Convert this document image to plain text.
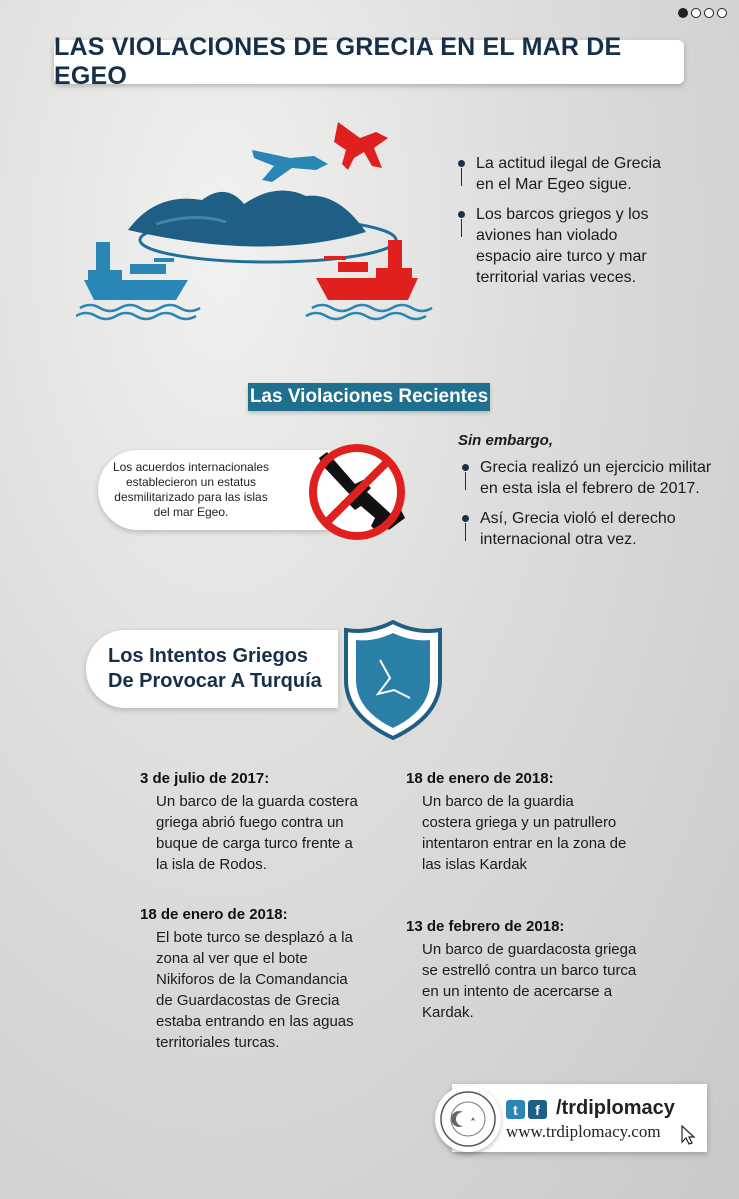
LAS VIOLACIONES DE GRECIA EN EL MAR DE EGEO
La actitud ilegal de Grecia en el Mar Egeo sigue.
Los barcos griegos y los aviones han violado espacio aire turco y mar territorial varias veces.
Las Violaciones Recientes
Los acuerdos internacionales establecieron un estatus desmilitarizado para las islas del mar Egeo.
Sin embargo,
Grecia realizó un ejercicio militar en esta isla el febrero de 2017.
Así, Grecia violó el derecho internacional otra vez.
Los Intentos Griegos
De Provocar A Turquía
3 de julio de 2017:
Un barco de la guarda costera griega abrió fuego contra un buque de carga turco frente a la isla de Rodos.
18 de enero de 2018:
Un barco de la guardia costera griega y un patrullero intentaron entrar en la zona de las islas Kardak
18 de enero de 2018:
El bote turco se desplazó a la zona al ver que el bote Nikiforos de la Comandancia de Guardacostas de Grecia estaba entrando en las aguas territoriales turcas.
13 de febrero de 2018:
Un barco de guardacosta griega se estrelló contra un barco turca en un intento de acercarse a Kardak.
t	f /trdiplomacy
www.trdiplomacy.com
